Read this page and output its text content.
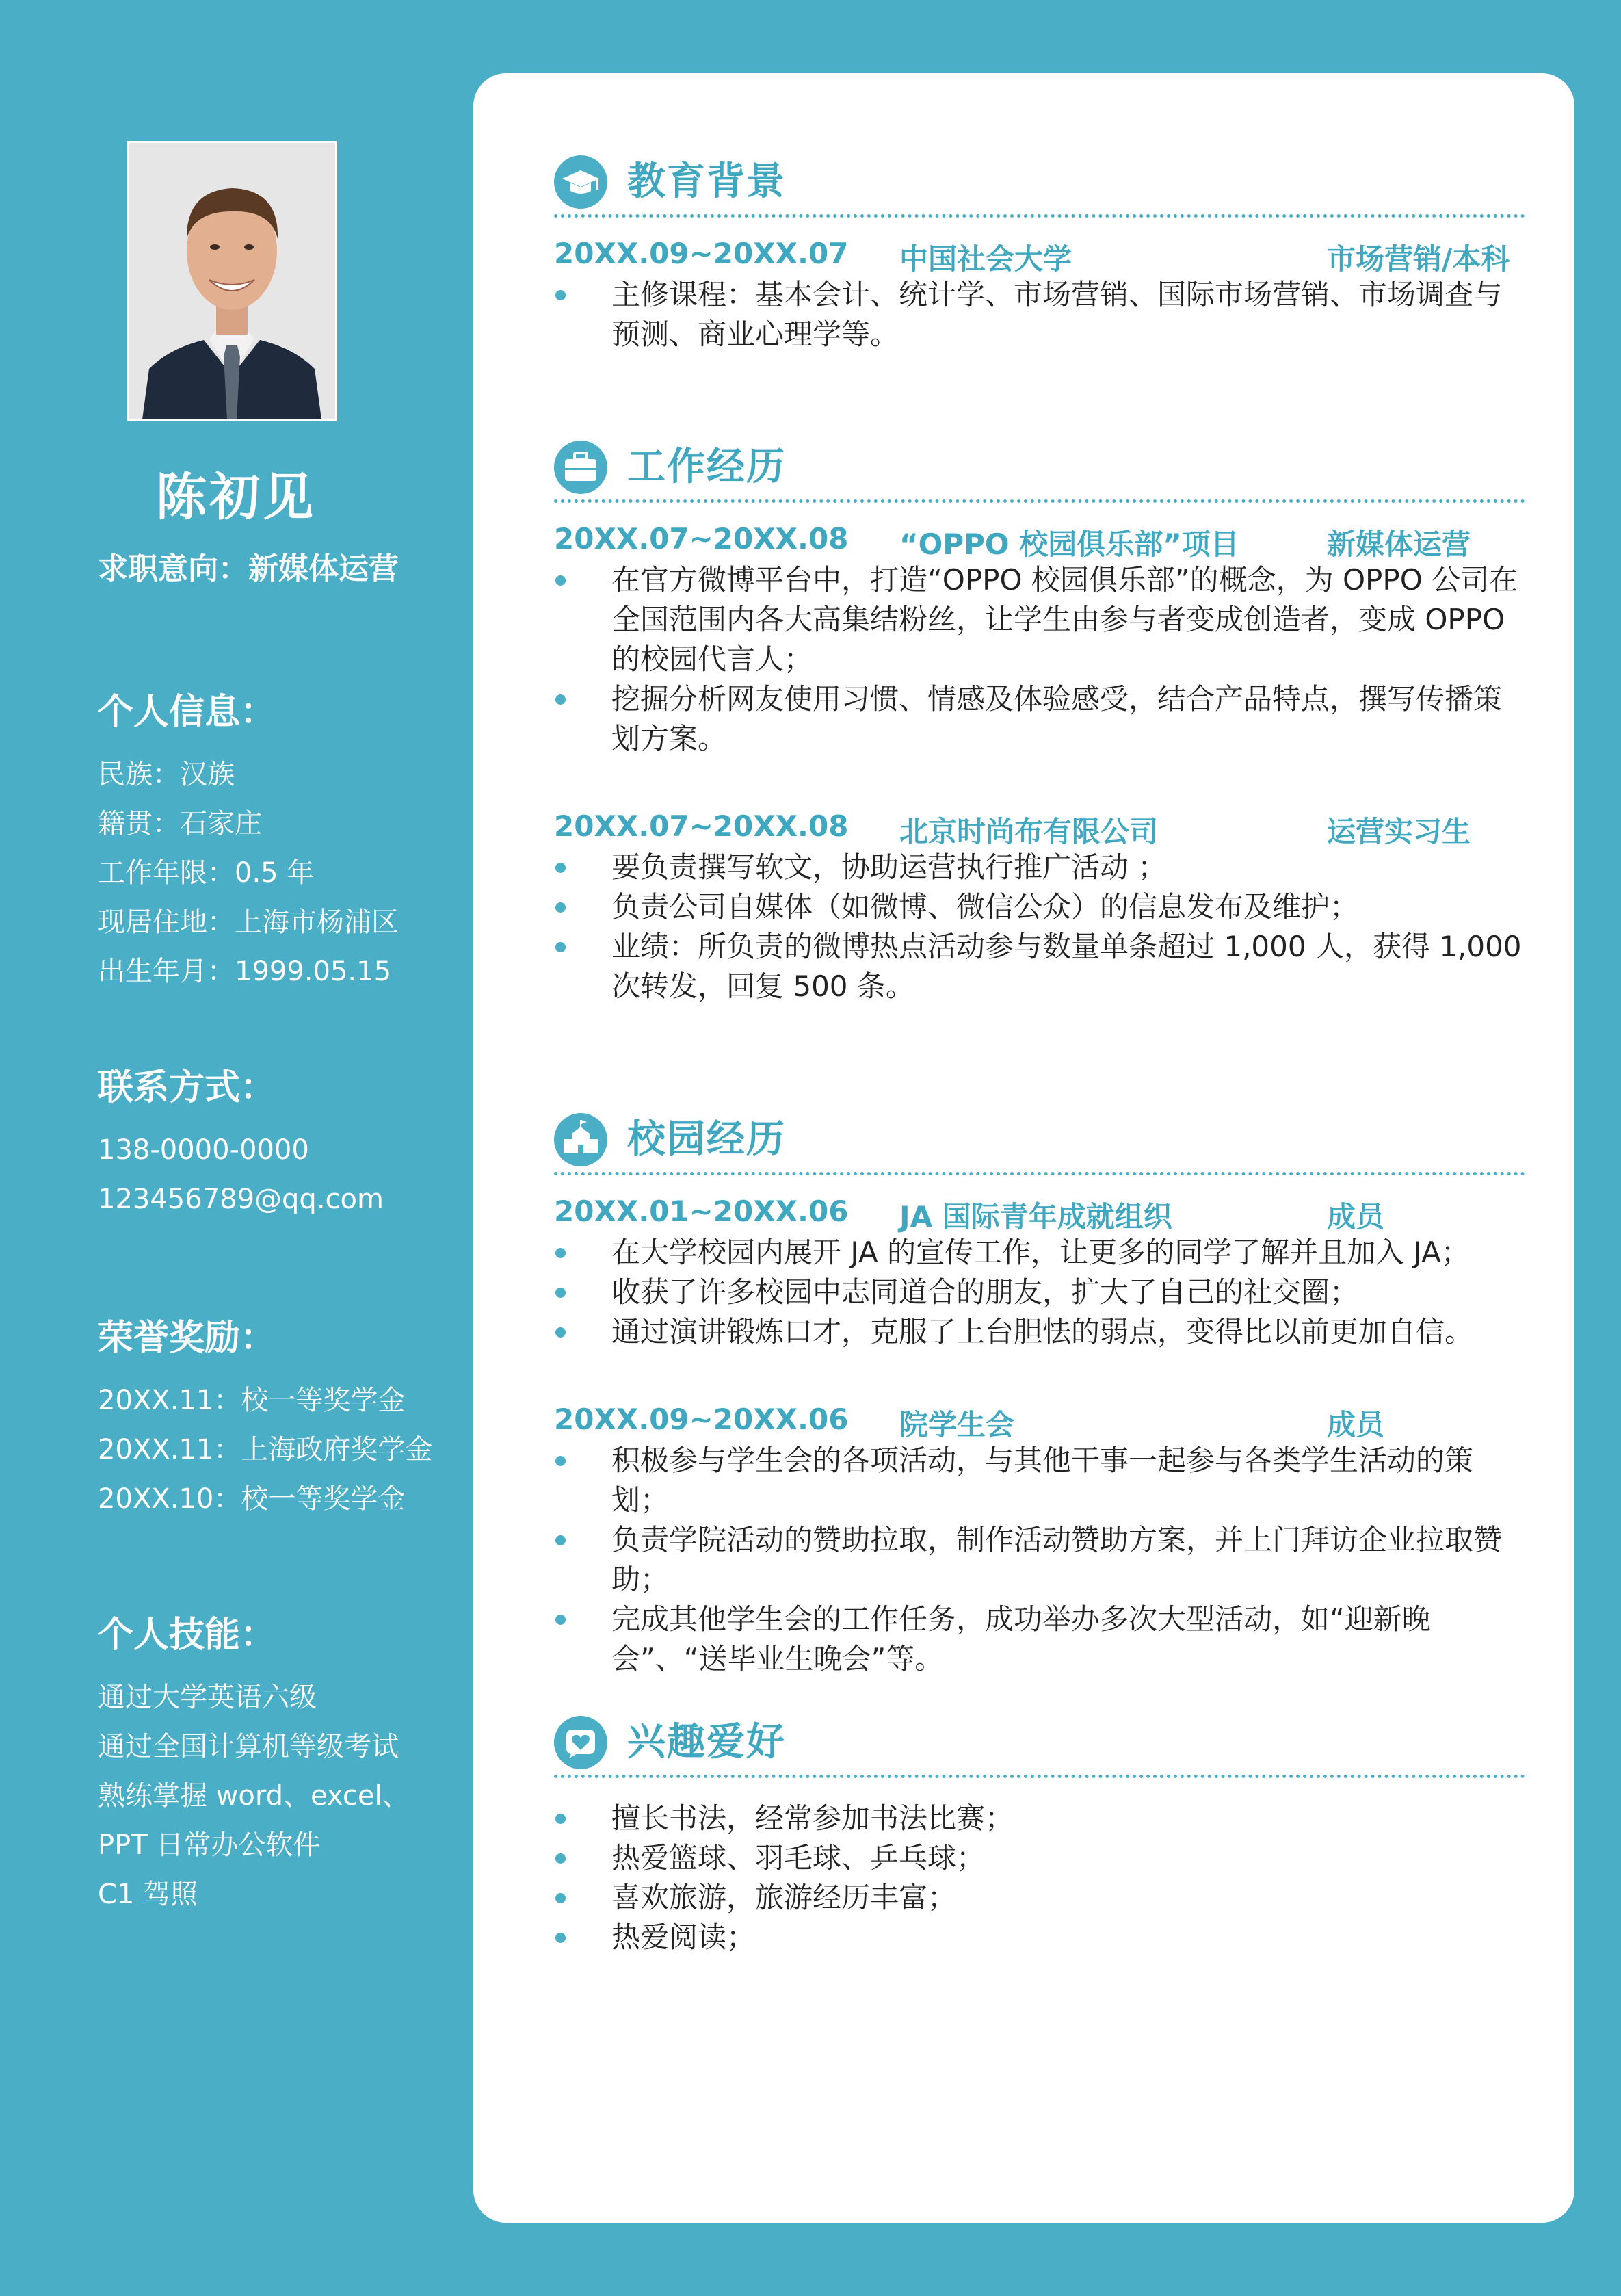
陈初见
求职意向：新媒体运营
个人信息：
民族：汉族
籍贯：石家庄
工作年限：0.5 年
现居住地：上海市杨浦区
出生年月：1999.05.15
联系方式：
138-0000-0000
123456789@qq.com
荣誉奖励：
20XX.11：校一等奖学金
20XX.11：上海政府奖学金
20XX.10：校一等奖学金
个人技能：
通过大学英语六级
通过全国计算机等级考试
熟练掌握 word、excel、
PPT 日常办公软件
C1 驾照
教育背景
20XX.09~20XX.07 中国社会大学	市场营销/本科
主修课程：基本会计、统计学、市场营销、国际市场营销、市场调查与预测、商业心理学等。
工作经历
20XX.07~20XX.08 “OPPO 校园俱乐部”项目	新媒体运营
在官方微博平台中，打造“OPPO 校园俱乐部”的概念，为 OPPO 公司在全国范围内各大高集结粉丝，让学生由参与者变成创造者，变成 OPPO 的校园代言人；
挖掘分析网友使用习惯、情感及体验感受，结合产品特点，撰写传播策划方案。
20XX.07~20XX.08 北京时尚布有限公司	运营实习生
要负责撰写软文，协助运营执行推广活动 ；
负责公司自媒体（如微博、微信公众）的信息发布及维护；
业绩：所负责的微博热点活动参与数量单条超过 1,000 人，获得 1,000 次转发，回复 500 条。
校园经历
20XX.01~20XX.06 JA 国际青年成就组织	成员
在大学校园内展开 JA 的宣传工作，让更多的同学了解并且加入 JA；
收获了许多校园中志同道合的朋友，扩大了自己的社交圈；
通过演讲锻炼口才，克服了上台胆怯的弱点，变得比以前更加自信。
20XX.09~20XX.06 院学生会	成员
积极参与学生会的各项活动，与其他干事一起参与各类学生活动的策划；
负责学院活动的赞助拉取，制作活动赞助方案，并上门拜访企业拉取赞助；
完成其他学生会的工作任务，成功举办多次大型活动，如“迎新晚会”、“送毕业生晚会”等。
兴趣爱好
擅长书法，经常参加书法比赛；
热爱篮球、羽毛球、乒乓球；
喜欢旅游，旅游经历丰富；
热爱阅读；
